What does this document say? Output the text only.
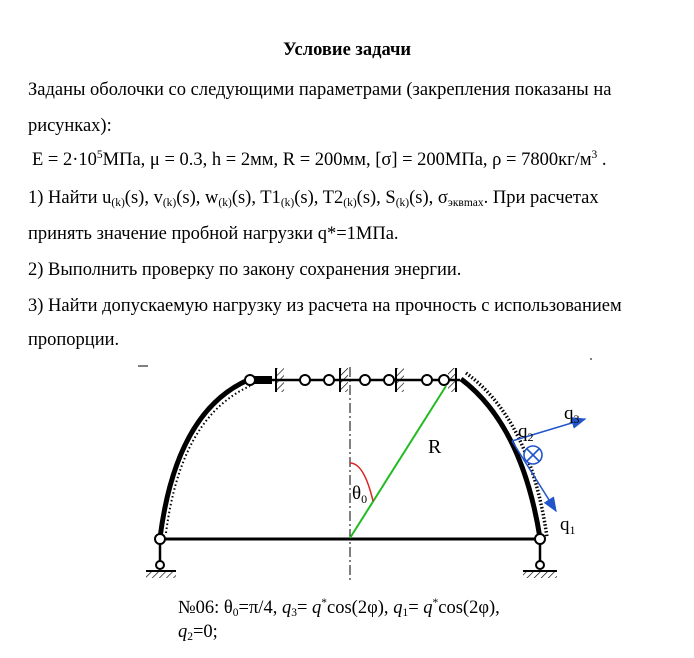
Условие задачи
Заданы оболочки со следующими параметрами (закрепления показаны на
рисунках):
$E = 2\cdot 10^5МПа$, μ = 0.3, h = 2мм, R = 200мм, [σ] = 200МПа, $\rho = 7800кг/м^3$ .
1) Найти $u_{(k)}(s)$, $v_{(k)}(s)$, $w_{(k)}(s)$, $T1_{(k)}(s)$, $T2_{(k)}(s)$, $S_{(k)}(s)$, $\sigma_{эквmax}$. При расчетах
принять значение пробной нагрузки q*=1МПа.
2) Выполнить проверку по закону сохранения энергии.
3) Найти допускаемую нагрузку из расчета на прочность с использованием
пропорции.
R
$\theta_0$
$q_3$
$q_2$
$q_1$
№06: $\theta_0=\pi/4$, $q_3= q^*\cos(2\varphi)$, $q_1= q^*\cos(2\varphi)$,
$q_2=0$;
